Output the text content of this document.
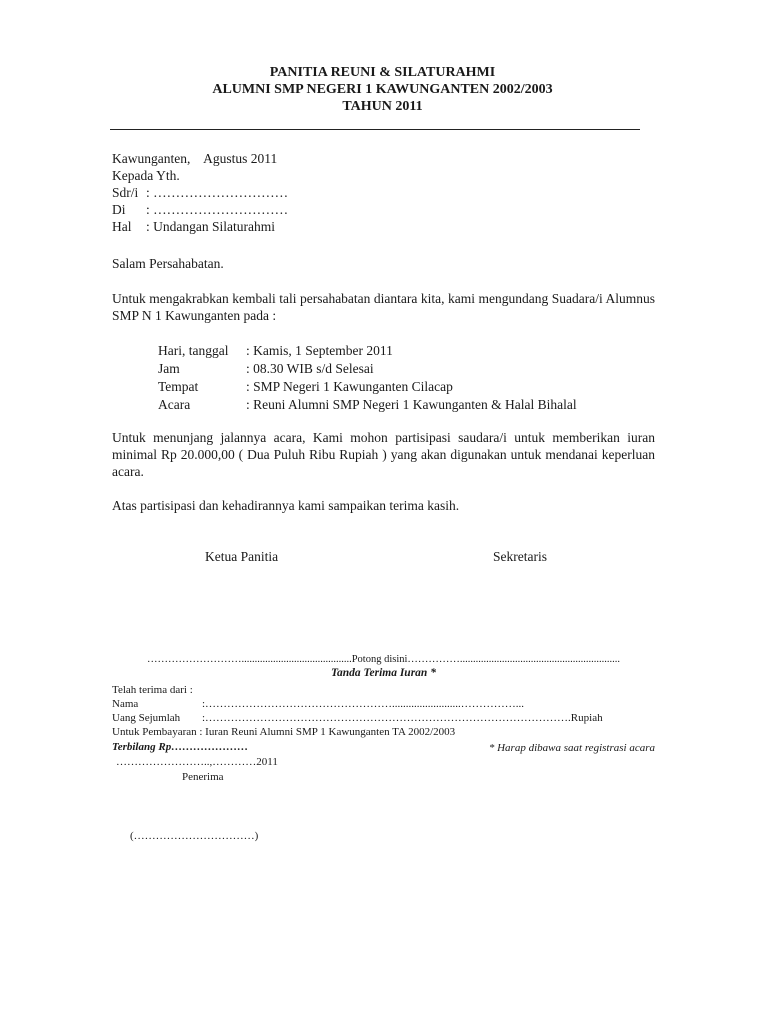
PANITIA REUNI & SILATURAHMI
ALUMNI SMP NEGERI 1 KAWUNGANTEN 2002/2003
TAHUN 2011
Kawunganten,    Agustus 2011
Kepada Yth.
Sdr/i : …………………………
Di : …………………………
Hal : Undangan Silaturahmi
Salam Persahabatan.
Untuk mengakrabkan kembali tali persahabatan diantara kita, kami mengundang Suadara/i Alumnus SMP N 1 Kawunganten pada :
Hari, tanggal : Kamis, 1 September 2011
Jam	: 08.30 WIB s/d Selesai
Tempat	: SMP Negeri 1 Kawunganten Cilacap
Acara	: Reuni Alumni SMP Negeri 1 Kawunganten & Halal Bihalal
Untuk menunjang jalannya acara, Kami mohon partisipasi saudara/i untuk memberikan iuran minimal Rp 20.000,00 ( Dua Puluh Ribu Rupiah ) yang akan digunakan untuk mendanai keperluan acara.
Atas partisipasi dan kehadirannya kami sampaikan terima kasih.
Ketua Panitia	Sekretaris
………………………..........................................Potong disini…………….............................................................
Tanda Terima Iuran *
Telah terima dari :
Nama	:…………………………………………….........................……………...
Uang Sejumlah :……………………………………………………………………………………….Rupiah
Untuk Pembayaran : Iuran Reuni Alumni SMP 1 Kawunganten TA 2002/2003
Terbilang Rp…………………	* Harap dibawa saat registrasi acara
……………………..,…………2011
Penerima
(……………………………)
